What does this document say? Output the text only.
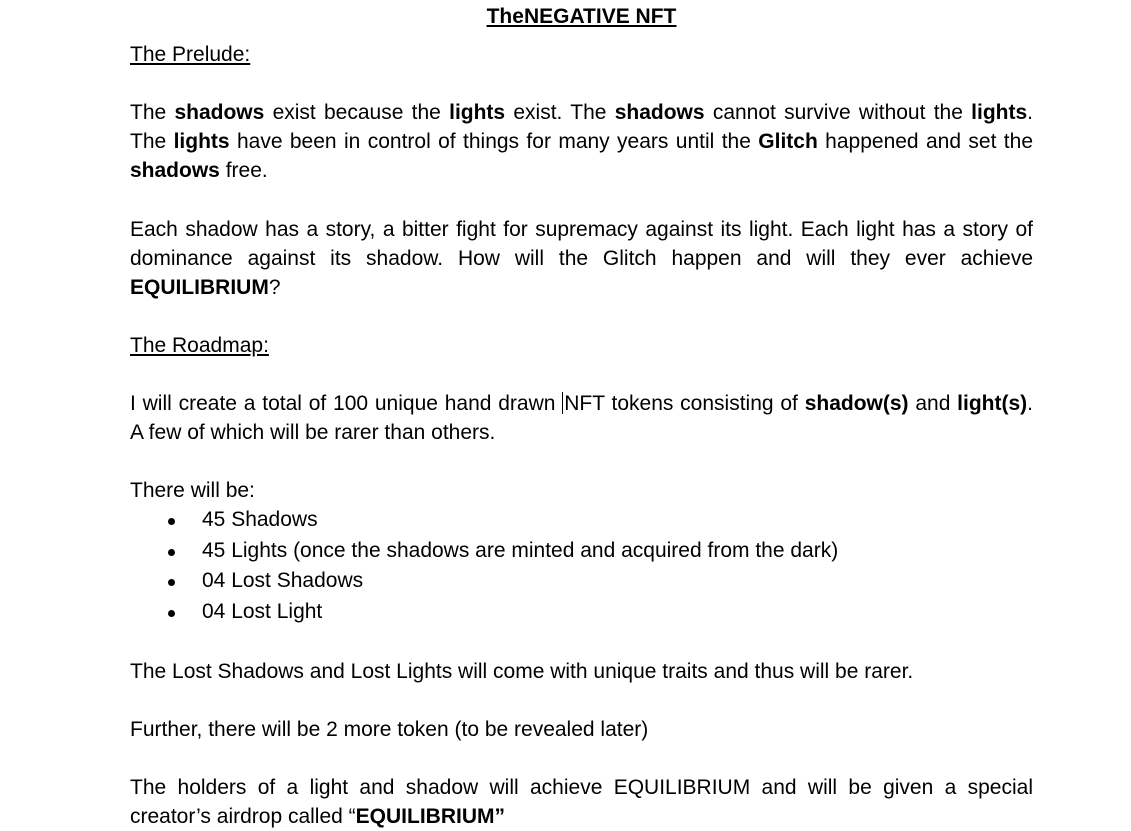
TheNEGATIVE NFT
The Prelude:
The shadows exist because the lights exist. The shadows cannot survive without the lights. The lights have been in control of things for many years until the Glitch happened and set the shadows free.
Each shadow has a story, a bitter fight for supremacy against its light. Each light has a story of dominance against its shadow. How will the Glitch happen and will they ever achieve EQUILIBRIUM?
The Roadmap:
I will create a total of 100 unique hand drawn NFT tokens consisting of shadow(s) and light(s). A few of which will be rarer than others.
There will be:
45 Shadows
45 Lights (once the shadows are minted and acquired from the dark)
04 Lost Shadows
04 Lost Light
The Lost Shadows and Lost Lights will come with unique traits and thus will be rarer.
Further, there will be 2 more token (to be revealed later)
The holders of a light and shadow will achieve EQUILIBRIUM and will be given a special creator’s airdrop called “EQUILIBRIUM”
